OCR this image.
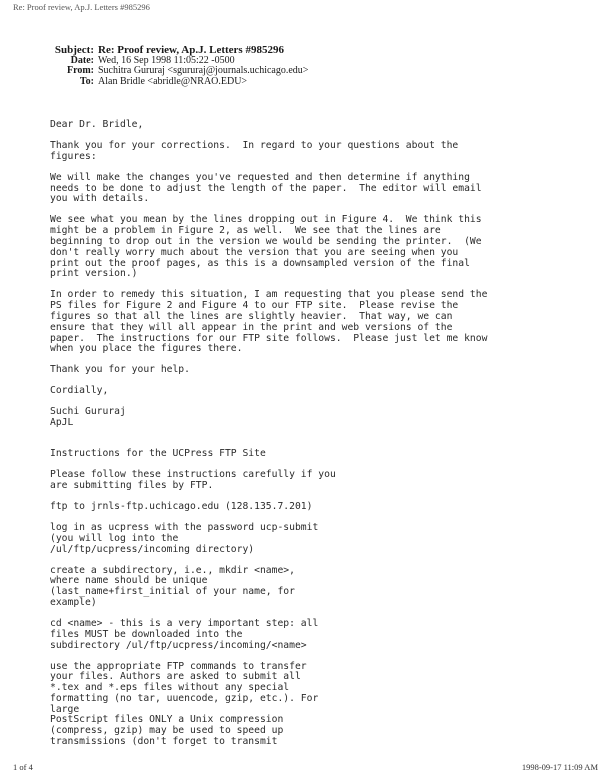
Re: Proof review, Ap.J. Letters #985296
Subject: Re: Proof review, Ap.J. Letters #985296
Date: Wed, 16 Sep 1998 11:05:22 -0500
From: Suchitra Gururaj <sgururaj@journals.uchicago.edu>
To: Alan Bridle <abridle@NRAO.EDU>
Dear Dr. Bridle,
Thank you for your corrections.  In regard to your questions about the
figures:
We will make the changes you've requested and then determine if anything
needs to be done to adjust the length of the paper.  The editor will email
you with details.
We see what you mean by the lines dropping out in Figure 4.  We think this
might be a problem in Figure 2, as well.  We see that the lines are
beginning to drop out in the version we would be sending the printer.  (We
don't really worry much about the version that you are seeing when you
print out the proof pages, as this is a downsampled version of the final
print version.)
In order to remedy this situation, I am requesting that you please send the
PS files for Figure 2 and Figure 4 to our FTP site.  Please revise the
figures so that all the lines are slightly heavier.  That way, we can
ensure that they will all appear in the print and web versions of the
paper.  The instructions for our FTP site follows.  Please just let me know
when you place the figures there.
Thank you for your help.
Cordially,
Suchi Gururaj
ApJL
Instructions for the UCPress FTP Site
Please follow these instructions carefully if you
are submitting files by FTP.
ftp to jrnls-ftp.uchicago.edu (128.135.7.201)
log in as ucpress with the password ucp-submit
(you will log into the
/ul/ftp/ucpress/incoming directory)
create a subdirectory, i.e., mkdir <name>,
where name should be unique
(last_name+first_initial of your name, for
example)
cd <name> - this is a very important step: all
files MUST be downloaded into the
subdirectory /ul/ftp/ucpress/incoming/<name>
use the appropriate FTP commands to transfer
your files. Authors are asked to submit all
*.tex and *.eps files without any special
formatting (no tar, uuencode, gzip, etc.). For
large
PostScript files ONLY a Unix compression
(compress, gzip) may be used to speed up
transmissions (don't forget to transmit
1 of 4	1998-09-17 11:09 AM
